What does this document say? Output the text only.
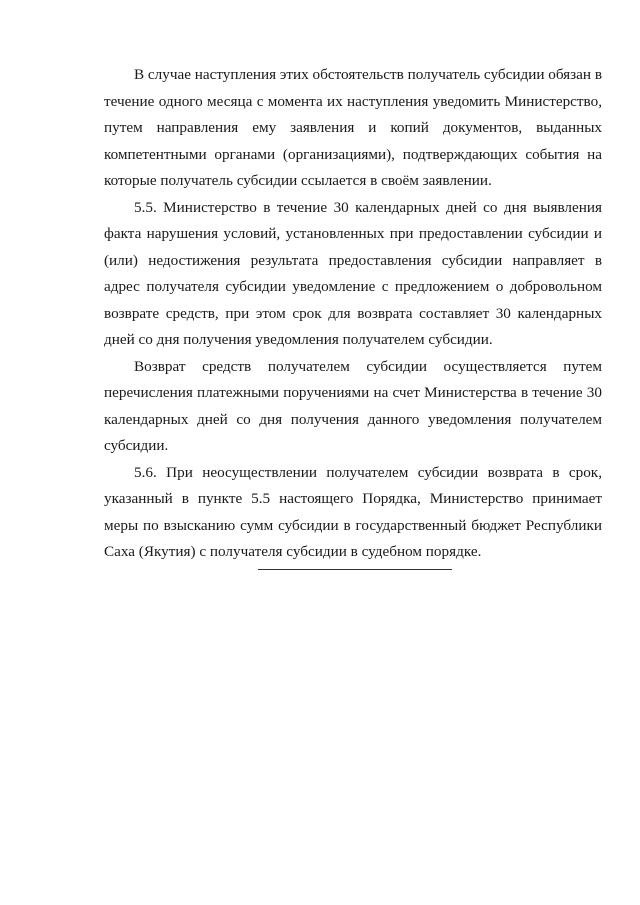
В случае наступления этих обстоятельств получатель субсидии обязан в течение одного месяца с момента их наступления уведомить Министерство, путем направления ему заявления и копий документов, выданных компетентными органами (организациями), подтверждающих события на которые получатель субсидии ссылается в своём заявлении.

5.5. Министерство в течение 30 календарных дней со дня выявления факта нарушения условий, установленных при предоставлении субсидии и (или) недостижения результата предоставления субсидии направляет в адрес получателя субсидии уведомление с предложением о добровольном возврате средств, при этом срок для возврата составляет 30 календарных дней со дня получения уведомления получателем субсидии.

Возврат средств получателем субсидии осуществляется путем перечисления платежными поручениями на счет Министерства в течение 30 календарных дней со дня получения данного уведомления получателем субсидии.

5.6. При неосуществлении получателем субсидии возврата в срок, указанный в пункте 5.5 настоящего Порядка, Министерство принимает меры по взысканию сумм субсидии в государственный бюджет Республики Саха (Якутия) с получателя субсидии в судебном порядке.
